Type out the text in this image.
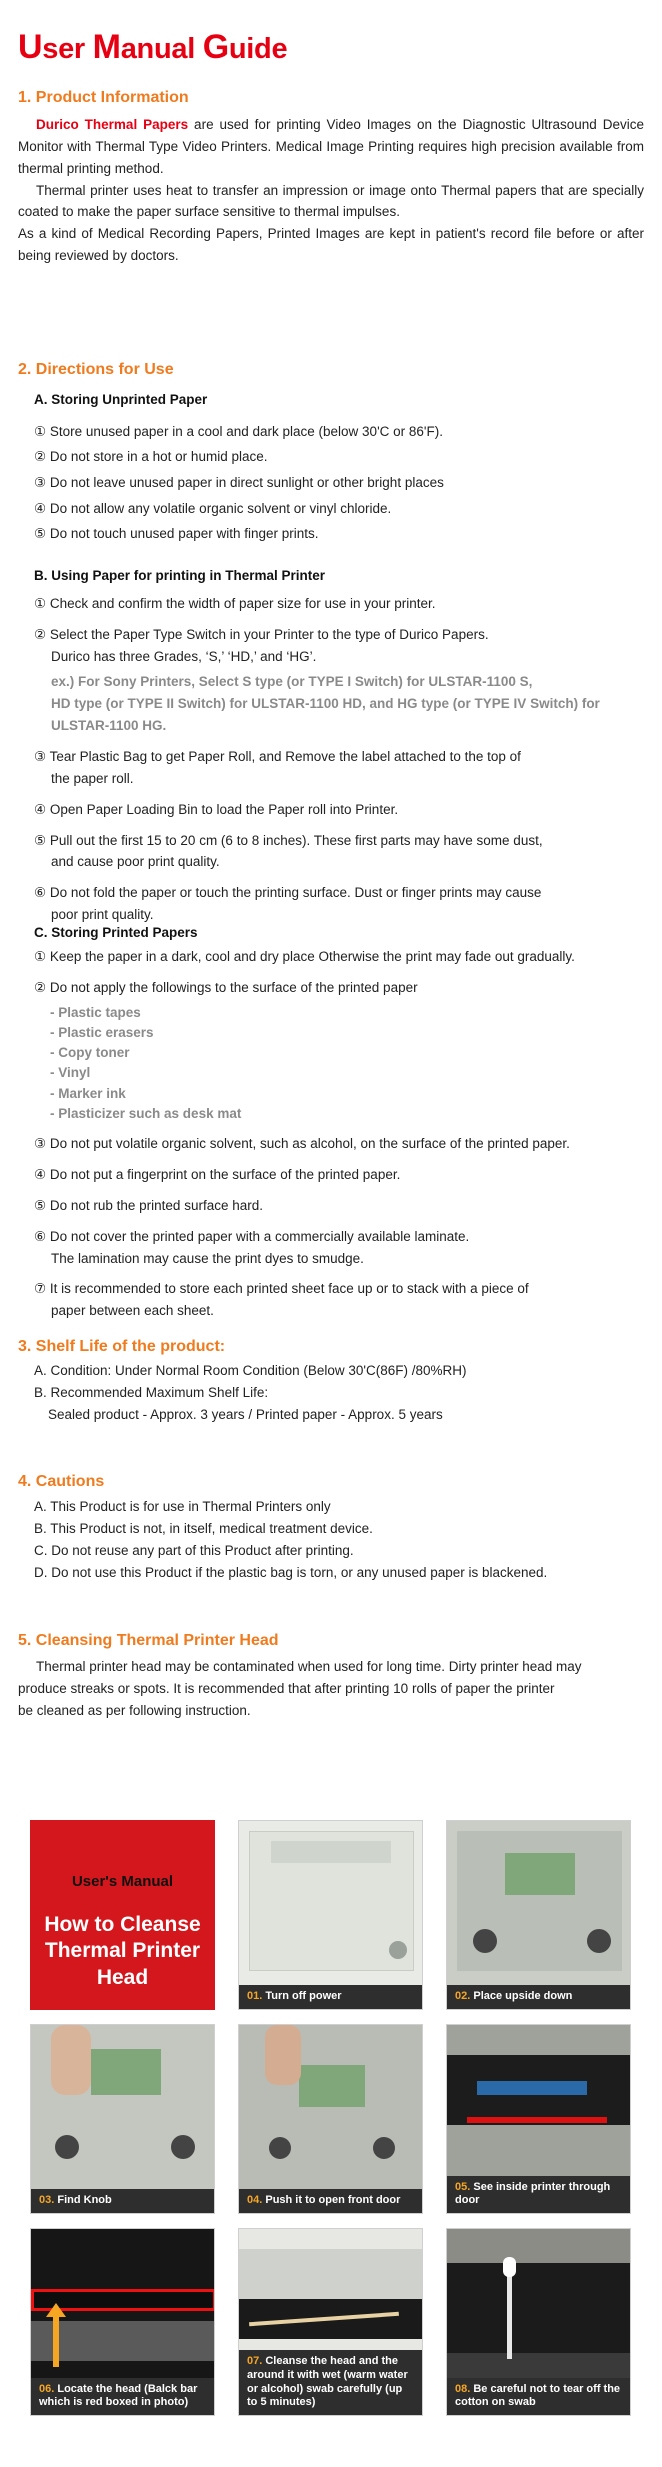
User Manual Guide
1. Product Information

Durico Thermal Papers are used for printing Video Images on the Diagnostic Ultrasound Device Monitor with Thermal Type Video Printers. Medical Image Printing requires high precision available from thermal printing method.

Thermal printer uses heat to transfer an impression or image onto Thermal papers that are specially coated to make the paper surface sensitive to thermal impulses.

As a kind of Medical Recording Papers, Printed Images are kept in patient's record file before or after being reviewed by doctors.

2. Directions for Use
A. Storing Unprinted Paper
① Store unused paper in a cool and dark place (below 30'C or 86'F).
② Do not store in a hot or humid place.
③ Do not leave unused paper in direct sunlight or other bright places
④ Do not allow any volatile organic solvent or vinyl chloride.
⑤ Do not touch unused paper with finger prints.
B. Using Paper for printing in Thermal Printer
① Check and confirm the width of paper size for use in your printer.
② Select the Paper Type Switch in your Printer to the type of Durico Papers.
Durico has three Grades, ‘S,’ ‘HD,’ and ‘HG’.
ex.) For Sony Printers, Select S type (or TYPE I Switch) for ULSTAR-1100 S,
HD type (or TYPE II Switch) for ULSTAR-1100 HD, and HG type (or TYPE IV Switch) for
ULSTAR-1100 HG.
③ Tear Plastic Bag to get Paper Roll, and Remove the label attached to the top of
the paper roll.
④ Open Paper Loading Bin to load the Paper roll into Printer.
⑤ Pull out the first 15 to 20 cm (6 to 8 inches). These first parts may have some dust,
and cause poor print quality.
⑥ Do not fold the paper or touch the printing surface. Dust or finger prints may cause
poor print quality.
C. Storing Printed Papers
① Keep the paper in a dark, cool and dry place Otherwise the print may fade out gradually.
② Do not apply the followings to the surface of the printed paper
- Plastic tapes
- Plastic erasers
- Copy toner
- Vinyl
- Marker ink
- Plasticizer such as desk mat
③ Do not put volatile organic solvent, such as alcohol, on the surface of the printed paper.
④ Do not put a fingerprint on the surface of the printed paper.
⑤ Do not rub the printed surface hard.
⑥ Do not cover the printed paper with a commercially available laminate.
The lamination may cause the print dyes to smudge.
⑦ It is recommended to store each printed sheet face up or to stack with a piece of
paper between each sheet.
3. Shelf Life of the product:
A. Condition: Under Normal Room Condition (Below 30'C(86F) /80%RH)
B. Recommended Maximum Shelf Life:
Sealed product - Approx. 3 years / Printed paper - Approx. 5 years
4. Cautions
A. This Product is for use in Thermal Printers only
B. This Product is not, in itself, medical treatment device.
C. Do not reuse any part of this Product after printing.
D. Do not use this Product if the plastic bag is torn, or any unused paper is blackened.
5. Cleansing Thermal Printer Head
Thermal printer head may be contaminated when used for long time. Dirty printer head may
produce streaks or spots. It is recommended that after printing 10 rolls of paper the printer
be cleaned as per following instruction.
User's Manual
How to Cleanse
Thermal Printer
Head
01. Turn off power	02. Place upside down
03. Find Knob	04. Push it to open front door
05. See inside printer through door
06. Locate the head (Balck bar which is red boxed in photo)
07. Cleanse the head and the around it with wet (warm water or alcohol) swab carefully (up to 5 minutes)
08. Be careful not to tear off the cotton on swab
